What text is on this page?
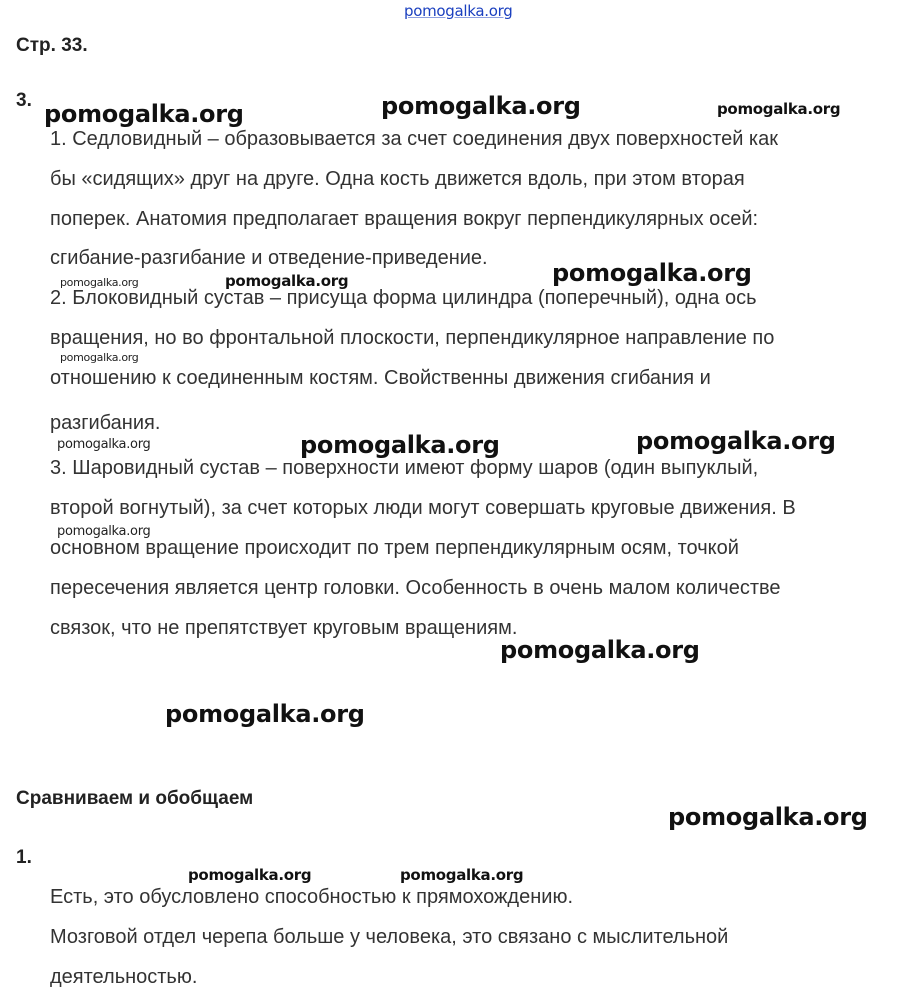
pomogalka.org
pomogalka.org	pomogalka.org	pomogalka.org
pomogalka.org	pomogalka.org	pomogalka.org
pomogalka.org
pomogalka.org	pomogalka.org	pomogalka.org
pomogalka.org
pomogalka.org
pomogalka.org
pomogalka.org
pomogalka.org	pomogalka.org
Стр. 33.
3.
1. Седловидный – образовывается за счет соединения двух поверхностей как
бы «сидящих» друг на друге. Одна кость движется вдоль, при этом вторая
поперек. Анатомия предполагает вращения вокруг перпендикулярных осей:
сгибание-разгибание и отведение-приведение.
2. Блоковидный сустав – присуща форма цилиндра (поперечный), одна ось
вращения, но во фронтальной плоскости, перпендикулярное направление по
отношению к соединенным костям. Свойственны движения сгибания и
разгибания.
3. Шаровидный сустав – поверхности имеют форму шаров (один выпуклый,
второй вогнутый), за счет которых люди могут совершать круговые движения. В
основном вращение происходит по трем перпендикулярным осям, точкой
пересечения является центр головки. Особенность в очень малом количестве
связок, что не препятствует круговым вращениям.
Сравниваем и обобщаем
1.
Есть, это обусловлено способностью к прямохождению.
Мозговой отдел черепа больше у человека, это связано с мыслительной
деятельностью.
